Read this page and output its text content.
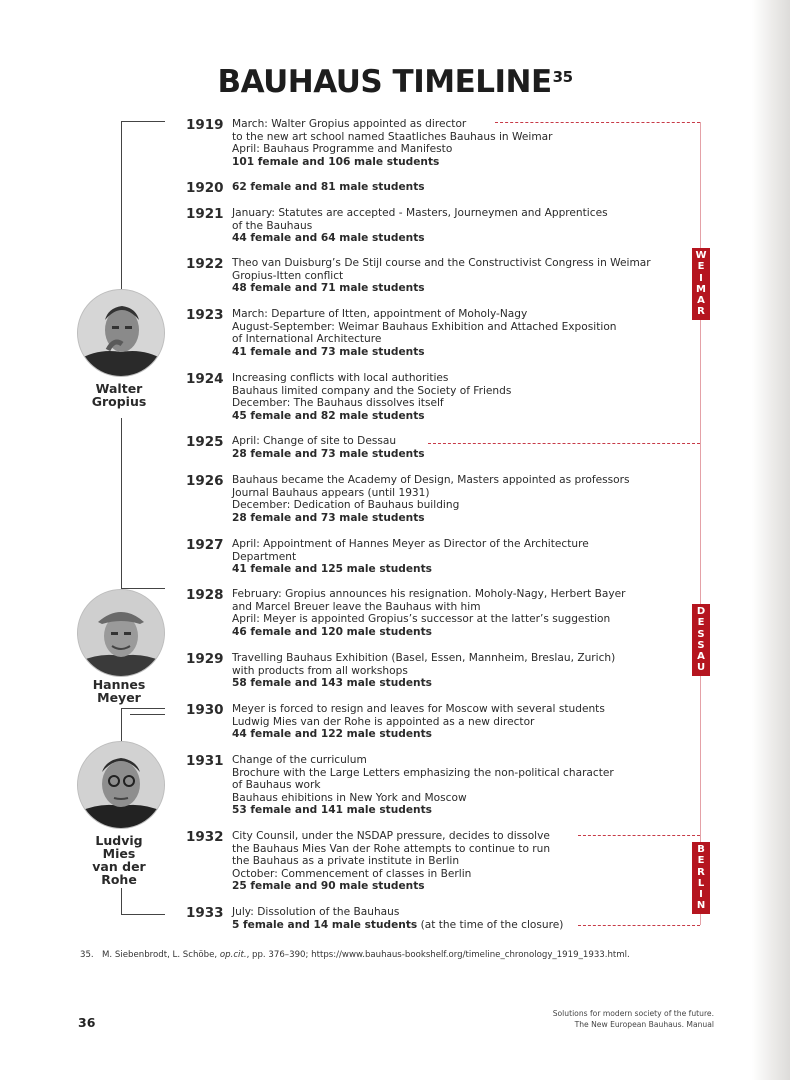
BAUHAUS TIMELINE$^{35}$
Walter
Gropius
Hannes
Meyer
Ludvig
Mies
van der
Rohe
1919 March: Walter Gropius appointed as director
to the new art school named Staatliches Bauhaus in Weimar
April: Bauhaus Programme and Manifesto
101 female and 106 male students
1920 62 female and 81 male students
1921 January: Statutes are accepted - Masters, Journeymen and Apprentices
of the Bauhaus
44 female and 64 male students
1922 Theo van Duisburg’s De Stijl course and the Constructivist Congress in Weimar
Gropius-Itten conflict
48 female and 71 male students
1923 March: Departure of Itten, appointment of Moholy-Nagy
August-September: Weimar Bauhaus Exhibition and Attached Exposition
of International Architecture
41 female and 73 male students
1924 Increasing conflicts with local authorities
Bauhaus limited company and the Society of Friends
December: The Bauhaus dissolves itself
45 female and 82 male students
1925 April: Change of site to Dessau
28 female and 73 male students
1926 Bauhaus became the Academy of Design, Masters appointed as professors
Journal Bauhaus appears (until 1931)
December: Dedication of Bauhaus building
28 female and 73 male students
1927 April: Appointment of Hannes Meyer as Director of the Architecture
Department
41 female and 125 male students
1928 February: Gropius announces his resignation. Moholy-Nagy, Herbert Bayer
and Marcel Breuer leave the Bauhaus with him
April: Meyer is appointed Gropius’s successor at the latter’s suggestion
46 female and 120 male students
1929 Travelling Bauhaus Exhibition (Basel, Essen, Mannheim, Breslau, Zurich)
with products from all workshops
58 female and 143 male students
1930 Meyer is forced to resign and leaves for Moscow with several students
Ludwig Mies van der Rohe is appointed as a new director
44 female and 122 male students
1931 Change of the curriculum
Brochure with the Large Letters emphasizing the non-political character
of Bauhaus work
Bauhaus ehibitions in New York and Moscow
53 female and 141 male students
1932 City Counsil, under the NSDAP pressure, decides to dissolve
the Bauhaus Mies Van der Rohe attempts to continue to run
the Bauhaus as a private institute in Berlin
October: Commencement of classes in Berlin
25 female and 90 male students
1933 July: Dissolution of the Bauhaus
5 female and 14 male students (at the time of the closure)
W
E
I
M
A
R
D
E
S
S
A
U
B
E
R
L
I
N
35. M. Siebenbrodt, L. Schöbe, op.cit., pp. 376–390; https://www.bauhaus-bookshelf.org/timeline_chronology_1919_1933.html.
36
Solutions for modern society of the future.
The New European Bauhaus. Manual
